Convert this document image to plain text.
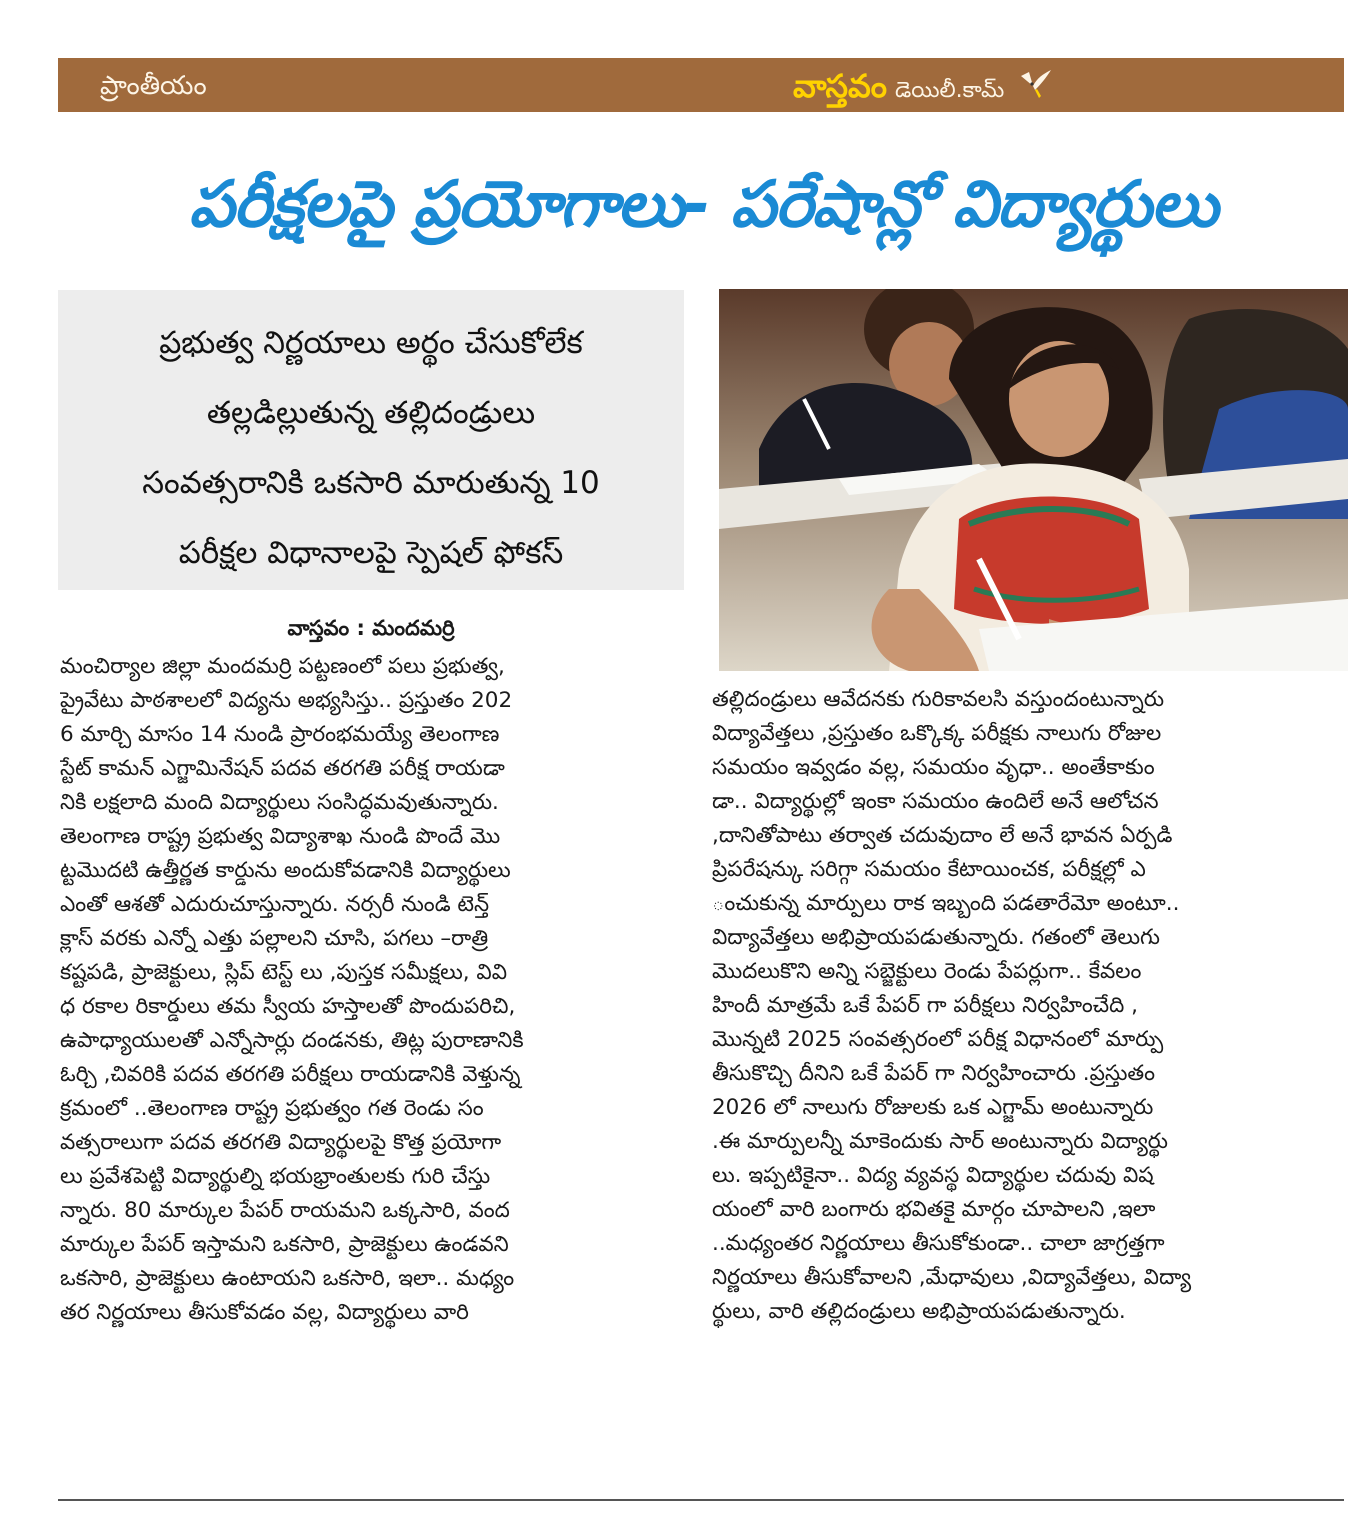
ప్రాంతీయం	వాస్తవం డెయిలీ.కామ్
పరీక్షలపై ప్రయోగాలు- పరేషాన్లో విద్యార్థులు
ప్రభుత్వ నిర్ణయాలు అర్థం చేసుకోలేక
తల్లడిల్లుతున్న తల్లిదండ్రులు
సంవత్సరానికి ఒకసారి మారుతున్న 10
పరీక్షల విధానాలపై స్పెషల్ ఫోకస్
వాస్తవం : మందమర్రి
మంచిర్యాల జిల్లా మందమర్రి పట్టణంలో పలు ప్రభుత్వ,
ప్రైవేటు పాఠశాలలో విద్యను అభ్యసిస్తు.. ప్రస్తుతం 202
6 మార్చి మాసం 14 నుండి ప్రారంభమయ్యే తెలంగాణ
స్టేట్ కామన్ ఎగ్జామినేషన్ పదవ తరగతి పరీక్ష రాయడా
నికి లక్షలాది మంది విద్యార్థులు సంసిద్ధమవుతున్నారు.
తెలంగాణ రాష్ట్ర ప్రభుత్వ విద్యాశాఖ నుండి పొందే మొ
ట్టమొదటి ఉత్తీర్ణత కార్డును అందుకోవడానికి విద్యార్థులు
ఎంతో ఆశతో ఎదురుచూస్తున్నారు. నర్సరీ నుండి టెన్త్
క్లాస్ వరకు ఎన్నో ఎత్తు పల్లాలని చూసి, పగలు –రాత్రి
కష్టపడి, ప్రాజెక్టులు, స్లిప్ టెస్ట్ లు ,పుస్తక సమీక్షలు, వివి
ధ రకాల రికార్డులు తమ స్వీయ హస్తాలతో పొందుపరిచి,
ఉపాధ్యాయులతో ఎన్నోసార్లు దండనకు, తిట్ల పురాణానికి
ఓర్చి ,చివరికి పదవ తరగతి పరీక్షలు రాయడానికి వెళ్తున్న
క్రమంలో ..తెలంగాణ రాష్ట్ర ప్రభుత్వం గత రెండు సం
వత్సరాలుగా పదవ తరగతి విద్యార్థులపై కొత్త ప్రయోగా
లు ప్రవేశపెట్టి విద్యార్థుల్ని భయభ్రాంతులకు గురి చేస్తు
న్నారు. 80 మార్కుల పేపర్ రాయమని ఒక్కసారి, వంద
మార్కుల పేపర్ ఇస్తామని ఒకసారి, ప్రాజెక్టులు ఉండవని
ఒకసారి, ప్రాజెక్టులు ఉంటాయని ఒకసారి, ఇలా.. మధ్యం
తర నిర్ణయాలు తీసుకోవడం వల్ల, విద్యార్థులు వారి
తల్లిదండ్రులు ఆవేదనకు గురికావలసి వస్తుందంటున్నారు
విద్యావేత్తలు ,ప్రస్తుతం ఒక్కొక్క పరీక్షకు నాలుగు రోజుల
సమయం ఇవ్వడం వల్ల, సమయం వృధా.. అంతేకాకుం
డా.. విద్యార్థుల్లో ఇంకా సమయం ఉందిలే అనే ఆలోచన
,దానితోపాటు తర్వాత చదువుదాం లే అనే భావన ఏర్పడి
ప్రిపరేషన్కు సరిగ్గా సమయం కేటాయించక, పరీక్షల్లో ఎ
ంచుకున్న మార్పులు రాక ఇబ్బంది పడతారేమో అంటూ..
విద్యావేత్తలు అభిప్రాయపడుతున్నారు. గతంలో తెలుగు
మొదలుకొని అన్ని సబ్జెక్టులు రెండు పేపర్లుగా.. కేవలం
హిందీ మాత్రమే ఒకే పేపర్ గా పరీక్షలు నిర్వహించేది ,
మొన్నటి 2025 సంవత్సరంలో పరీక్ష విధానంలో మార్పు
తీసుకొచ్చి దీనిని ఒకే పేపర్ గా నిర్వహించారు .ప్రస్తుతం
2026 లో నాలుగు రోజులకు ఒక ఎగ్జామ్ అంటున్నారు
.ఈ మార్పులన్నీ మాకెందుకు సార్ అంటున్నారు విద్యార్థు
లు. ఇప్పటికైనా.. విద్య వ్యవస్థ విద్యార్థుల చదువు విష
యంలో వారి బంగారు భవితకై మార్గం చూపాలని ,ఇలా
..మధ్యంతర నిర్ణయాలు తీసుకోకుండా.. చాలా జాగ్రత్తగా
నిర్ణయాలు తీసుకోవాలని ,మేధావులు ,విద్యావేత్తలు, విద్యా
ర్థులు, వారి తల్లిదండ్రులు అభిప్రాయపడుతున్నారు.
